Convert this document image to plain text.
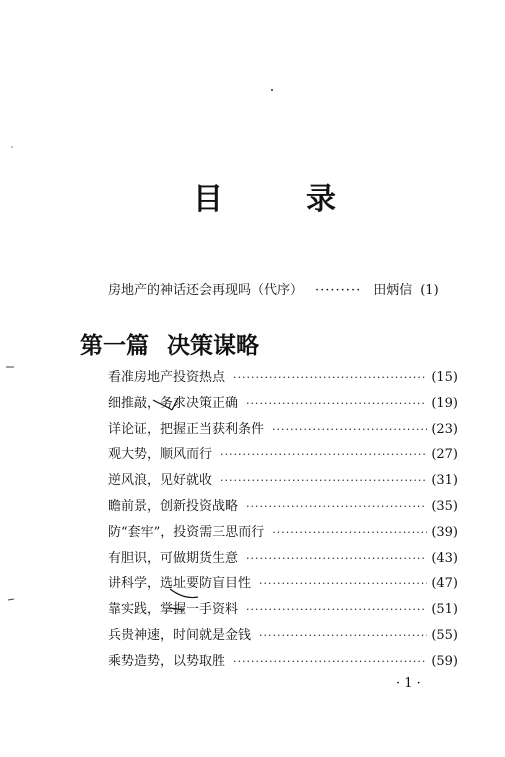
目	录
房地产的神话还会再现吗（代序） ········· 田炳信 (1)
第一篇 决策谋略
看准房地产投资热点 ·····	(15)
细推敲，务求决策正确 ·····	(19)
详论证，把握正当获利条件 ·····	(23)
观大势，顺风而行 ·····	(27)
逆风浪，见好就收 ·····	(31)
瞻前景，创新投资战略 ·····	(35)
防“套牢”，投资需三思而行 ·····	(39)
有胆识，可做期货生意 ·····	(43)
讲科学，选址要防盲目性 ·····	(47)
靠实践，掌握一手资料 ·····	(51)
兵贵神速，时间就是金钱 ·····	(55)
乘势造势，以势取胜 ·····	(59)
· 1 ·
